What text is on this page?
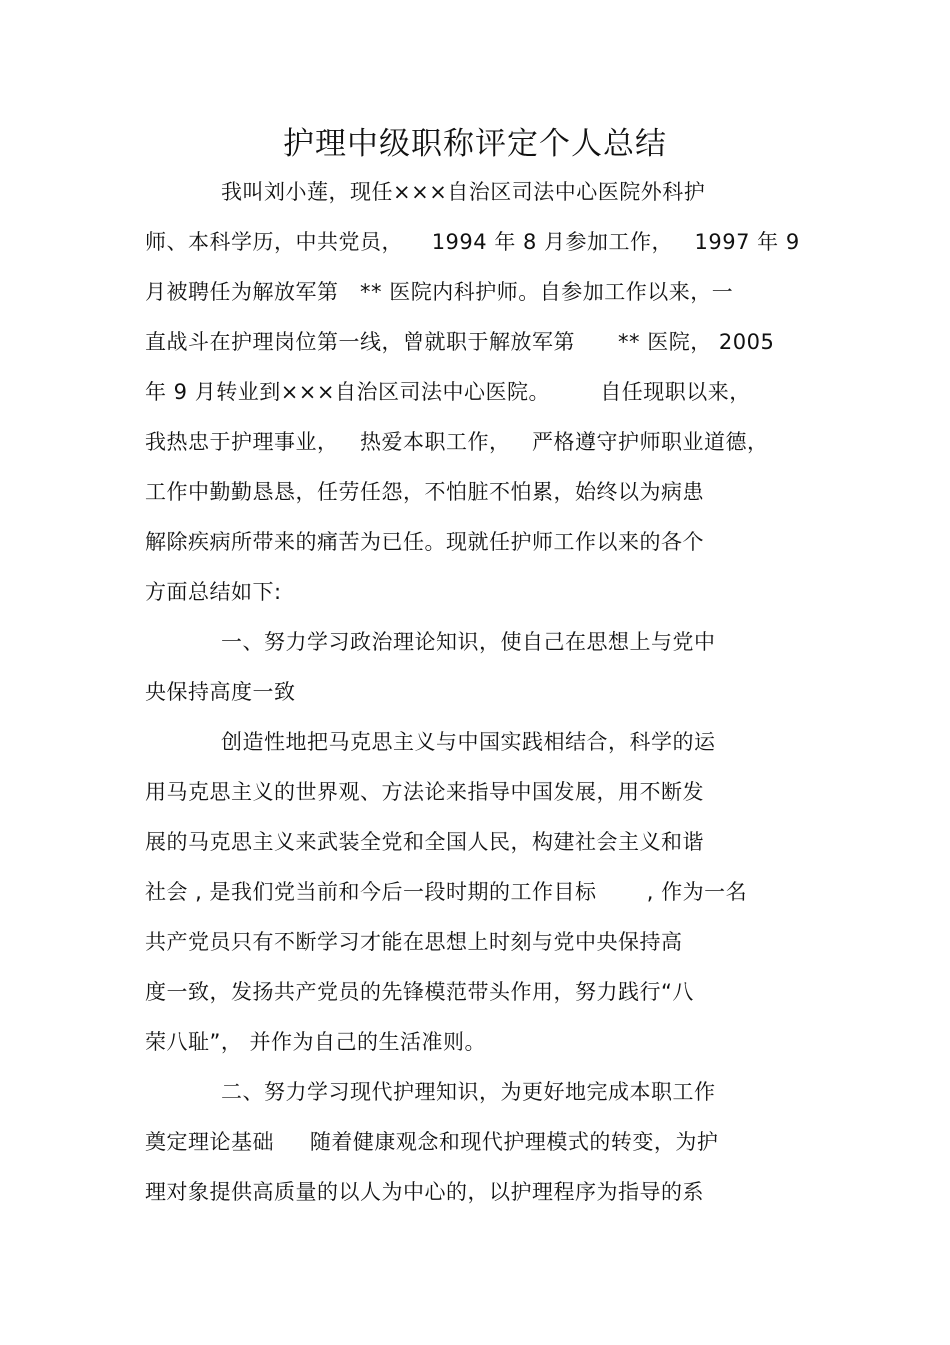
护理中级职称评定个人总结
我叫刘小莲，现任×××自治区司法中心医院外科护
师、本科学历，中共党员，    1994 年 8 月参加工作，   1997 年 9
月被聘任为解放军第   ** 医院内科护师。自参加工作以来，一
直战斗在护理岗位第一线，曾就职于解放军第      ** 医院， 2005
年 9 月转业到×××自治区司法中心医院。       自任现职以来，
我热忠于护理事业，   热爱本职工作，   严格遵守护师职业道德，
工作中勤勤恳恳，任劳任怨，不怕脏不怕累，始终以为病患
解除疾病所带来的痛苦为已任。现就任护师工作以来的各个
方面总结如下:
一、努力学习政治理论知识，使自己在思想上与党中
央保持高度一致
创造性地把马克思主义与中国实践相结合，科学的运
用马克思主义的世界观、方法论来指导中国发展，用不断发
展的马克思主义来武装全党和全国人民，构建社会主义和谐
社会 , 是我们党当前和今后一段时期的工作目标       , 作为一名
共产党员只有不断学习才能在思想上时刻与党中央保持高
度一致，发扬共产党员的先锋模范带头作用，努力践行“八
荣八耻”， 并作为自己的生活准则。
二、努力学习现代护理知识，为更好地完成本职工作
奠定理论基础     随着健康观念和现代护理模式的转变，为护
理对象提供高质量的以人为中心的，以护理程序为指导的系
